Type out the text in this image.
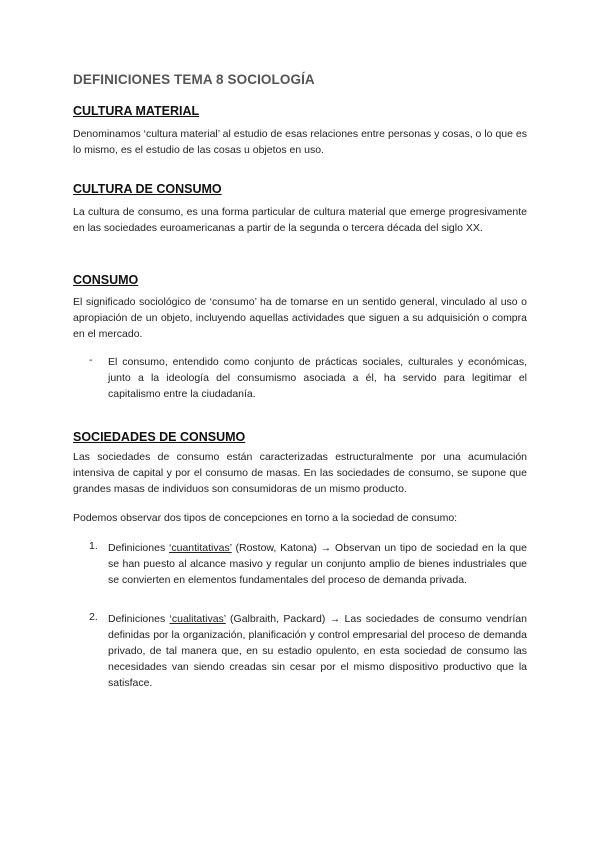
DEFINICIONES TEMA 8 SOCIOLOGÍA
CULTURA MATERIAL
Denominamos ‘cultura material’ al estudio de esas relaciones entre personas y cosas, o lo que es lo mismo, es el estudio de las cosas u objetos en uso.
CULTURA DE CONSUMO
La cultura de consumo, es una forma particular de cultura material que emerge progresivamente en las sociedades euroamericanas a partir de la segunda o tercera década del siglo XX.
CONSUMO
El significado sociológico de ‘consumo’ ha de tomarse en un sentido general, vinculado al uso o apropiación de un objeto, incluyendo aquellas actividades que siguen a su adquisición o compra en el mercado.
- El consumo, entendido como conjunto de prácticas sociales, culturales y económicas, junto a la ideología del consumismo asociada a él, ha servido para legitimar el capitalismo entre la ciudadanía.
SOCIEDADES DE CONSUMO
Las sociedades de consumo están caracterizadas estructuralmente por una acumulación intensiva de capital y por el consumo de masas. En las sociedades de consumo, se supone que grandes masas de individuos son consumidoras de un mismo producto.
Podemos observar dos tipos de concepciones en torno a la sociedad de consumo:
1. Definiciones ‘cuantitativas’ (Rostow, Katona) → Observan un tipo de sociedad en la que se han puesto al alcance masivo y regular un conjunto amplio de bienes industriales que se convierten en elementos fundamentales del proceso de demanda privada.
2. Definiciones ‘cualitativas’ (Galbraith, Packard) → Las sociedades de consumo vendrían definidas por la organización, planificación y control empresarial del proceso de demanda privado, de tal manera que, en su estadio opulento, en esta sociedad de consumo las necesidades van siendo creadas sin cesar por el mismo dispositivo productivo que la satisface.
